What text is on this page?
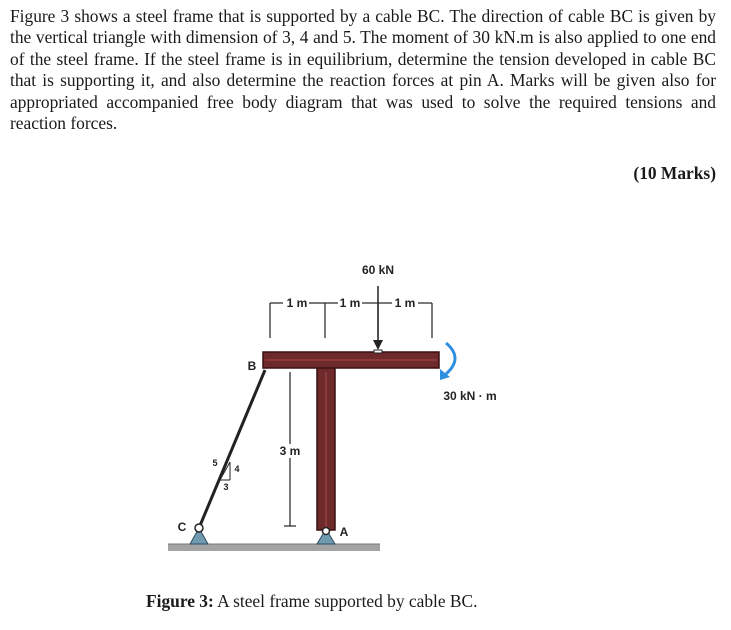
Figure 3 shows a steel frame that is supported by a cable BC. The direction of cable BC is given by the vertical triangle with dimension of 3, 4 and 5. The moment of 30 kN.m is also applied to one end of the steel frame. If the steel frame is in equilibrium, determine the tension developed in cable BC that is supporting it, and also determine the reaction forces at pin A. Marks will be given also for appropriated accompanied free body diagram that was used to solve the required tensions and reaction forces.

(10 Marks)

1 m	1 m	1 m
60 kN
30 kN · m
3 m
5
4
3
B
C	A

Figure 3: A steel frame supported by cable BC.
